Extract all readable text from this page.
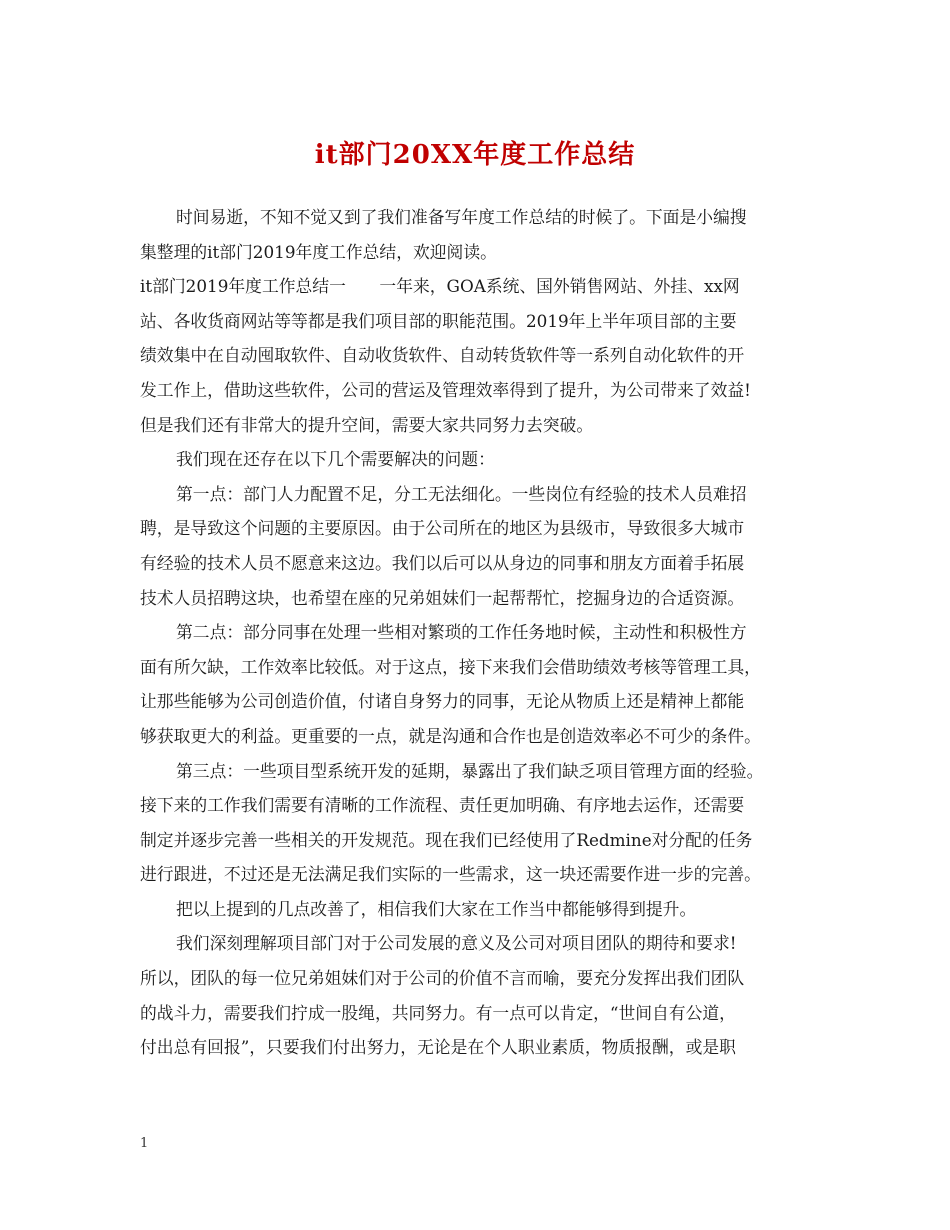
it部门20XX年度工作总结
时间易逝，不知不觉又到了我们准备写年度工作总结的时候了。下面是小编搜
集整理的it部门2019年度工作总结，欢迎阅读。
it部门2019年度工作总结一　　一年来，GOA系统、国外销售网站、外挂、xx网
站、各收货商网站等等都是我们项目部的职能范围。2019年上半年项目部的主要
绩效集中在自动囤取软件、自动收货软件、自动转货软件等一系列自动化软件的开
发工作上，借助这些软件，公司的营运及管理效率得到了提升，为公司带来了效益!
但是我们还有非常大的提升空间，需要大家共同努力去突破。
我们现在还存在以下几个需要解决的问题：
第一点：部门人力配置不足，分工无法细化。一些岗位有经验的技术人员难招
聘，是导致这个问题的主要原因。由于公司所在的地区为县级市，导致很多大城市
有经验的技术人员不愿意来这边。我们以后可以从身边的同事和朋友方面着手拓展
技术人员招聘这块，也希望在座的兄弟姐妹们一起帮帮忙，挖掘身边的合适资源。
第二点：部分同事在处理一些相对繁琐的工作任务地时候，主动性和积极性方
面有所欠缺，工作效率比较低。对于这点，接下来我们会借助绩效考核等管理工具，
让那些能够为公司创造价值，付诸自身努力的同事，无论从物质上还是精神上都能
够获取更大的利益。更重要的一点，就是沟通和合作也是创造效率必不可少的条件。
第三点：一些项目型系统开发的延期，暴露出了我们缺乏项目管理方面的经验。
接下来的工作我们需要有清晰的工作流程、责任更加明确、有序地去运作，还需要
制定并逐步完善一些相关的开发规范。现在我们已经使用了Redmine对分配的任务
进行跟进，不过还是无法满足我们实际的一些需求，这一块还需要作进一步的完善。
把以上提到的几点改善了，相信我们大家在工作当中都能够得到提升。
我们深刻理解项目部门对于公司发展的意义及公司对项目团队的期待和要求!
所以，团队的每一位兄弟姐妹们对于公司的价值不言而喻，要充分发挥出我们团队
的战斗力，需要我们拧成一股绳，共同努力。有一点可以肯定，“世间自有公道，
付出总有回报”，只要我们付出努力，无论是在个人职业素质，物质报酬，或是职
1
